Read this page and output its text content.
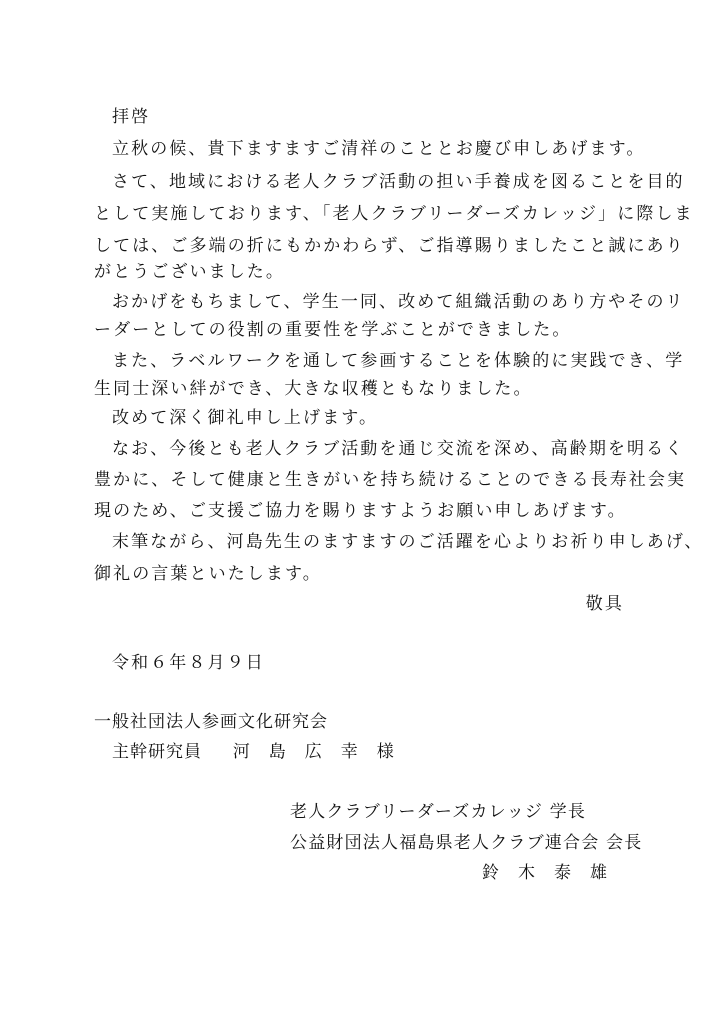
拝啓
立秋の候、貴下ますますご清祥のこととお慶び申しあげます。
さて、地域における老人クラブ活動の担い手養成を図ることを目的
として実施しております、「老人クラブリーダーズカレッジ」に際しま
しては、ご多端の折にもかかわらず、ご指導賜りましたこと誠にあり
がとうございました。
おかげをもちまして、学生一同、改めて組織活動のあり方やそのリ
ーダーとしての役割の重要性を学ぶことができました。
また、ラベルワークを通して参画することを体験的に実践でき、学
生同士深い絆ができ、大きな収穫ともなりました。
改めて深く御礼申し上げます。
なお、今後とも老人クラブ活動を通じ交流を深め、高齢期を明るく
豊かに、そして健康と生きがいを持ち続けることのできる長寿社会実
現のため、ご支援ご協力を賜りますようお願い申しあげます。
末筆ながら、河島先生のますますのご活躍を心よりお祈り申しあげ、
御礼の言葉といたします。
敬具
令和６年８月９日
一般社団法人参画文化研究会
主幹研究員 河　島　広　幸　様
老人クラブリーダーズカレッジ 学長
公益財団法人福島県老人クラブ連合会 会長
鈴　木　泰　雄
